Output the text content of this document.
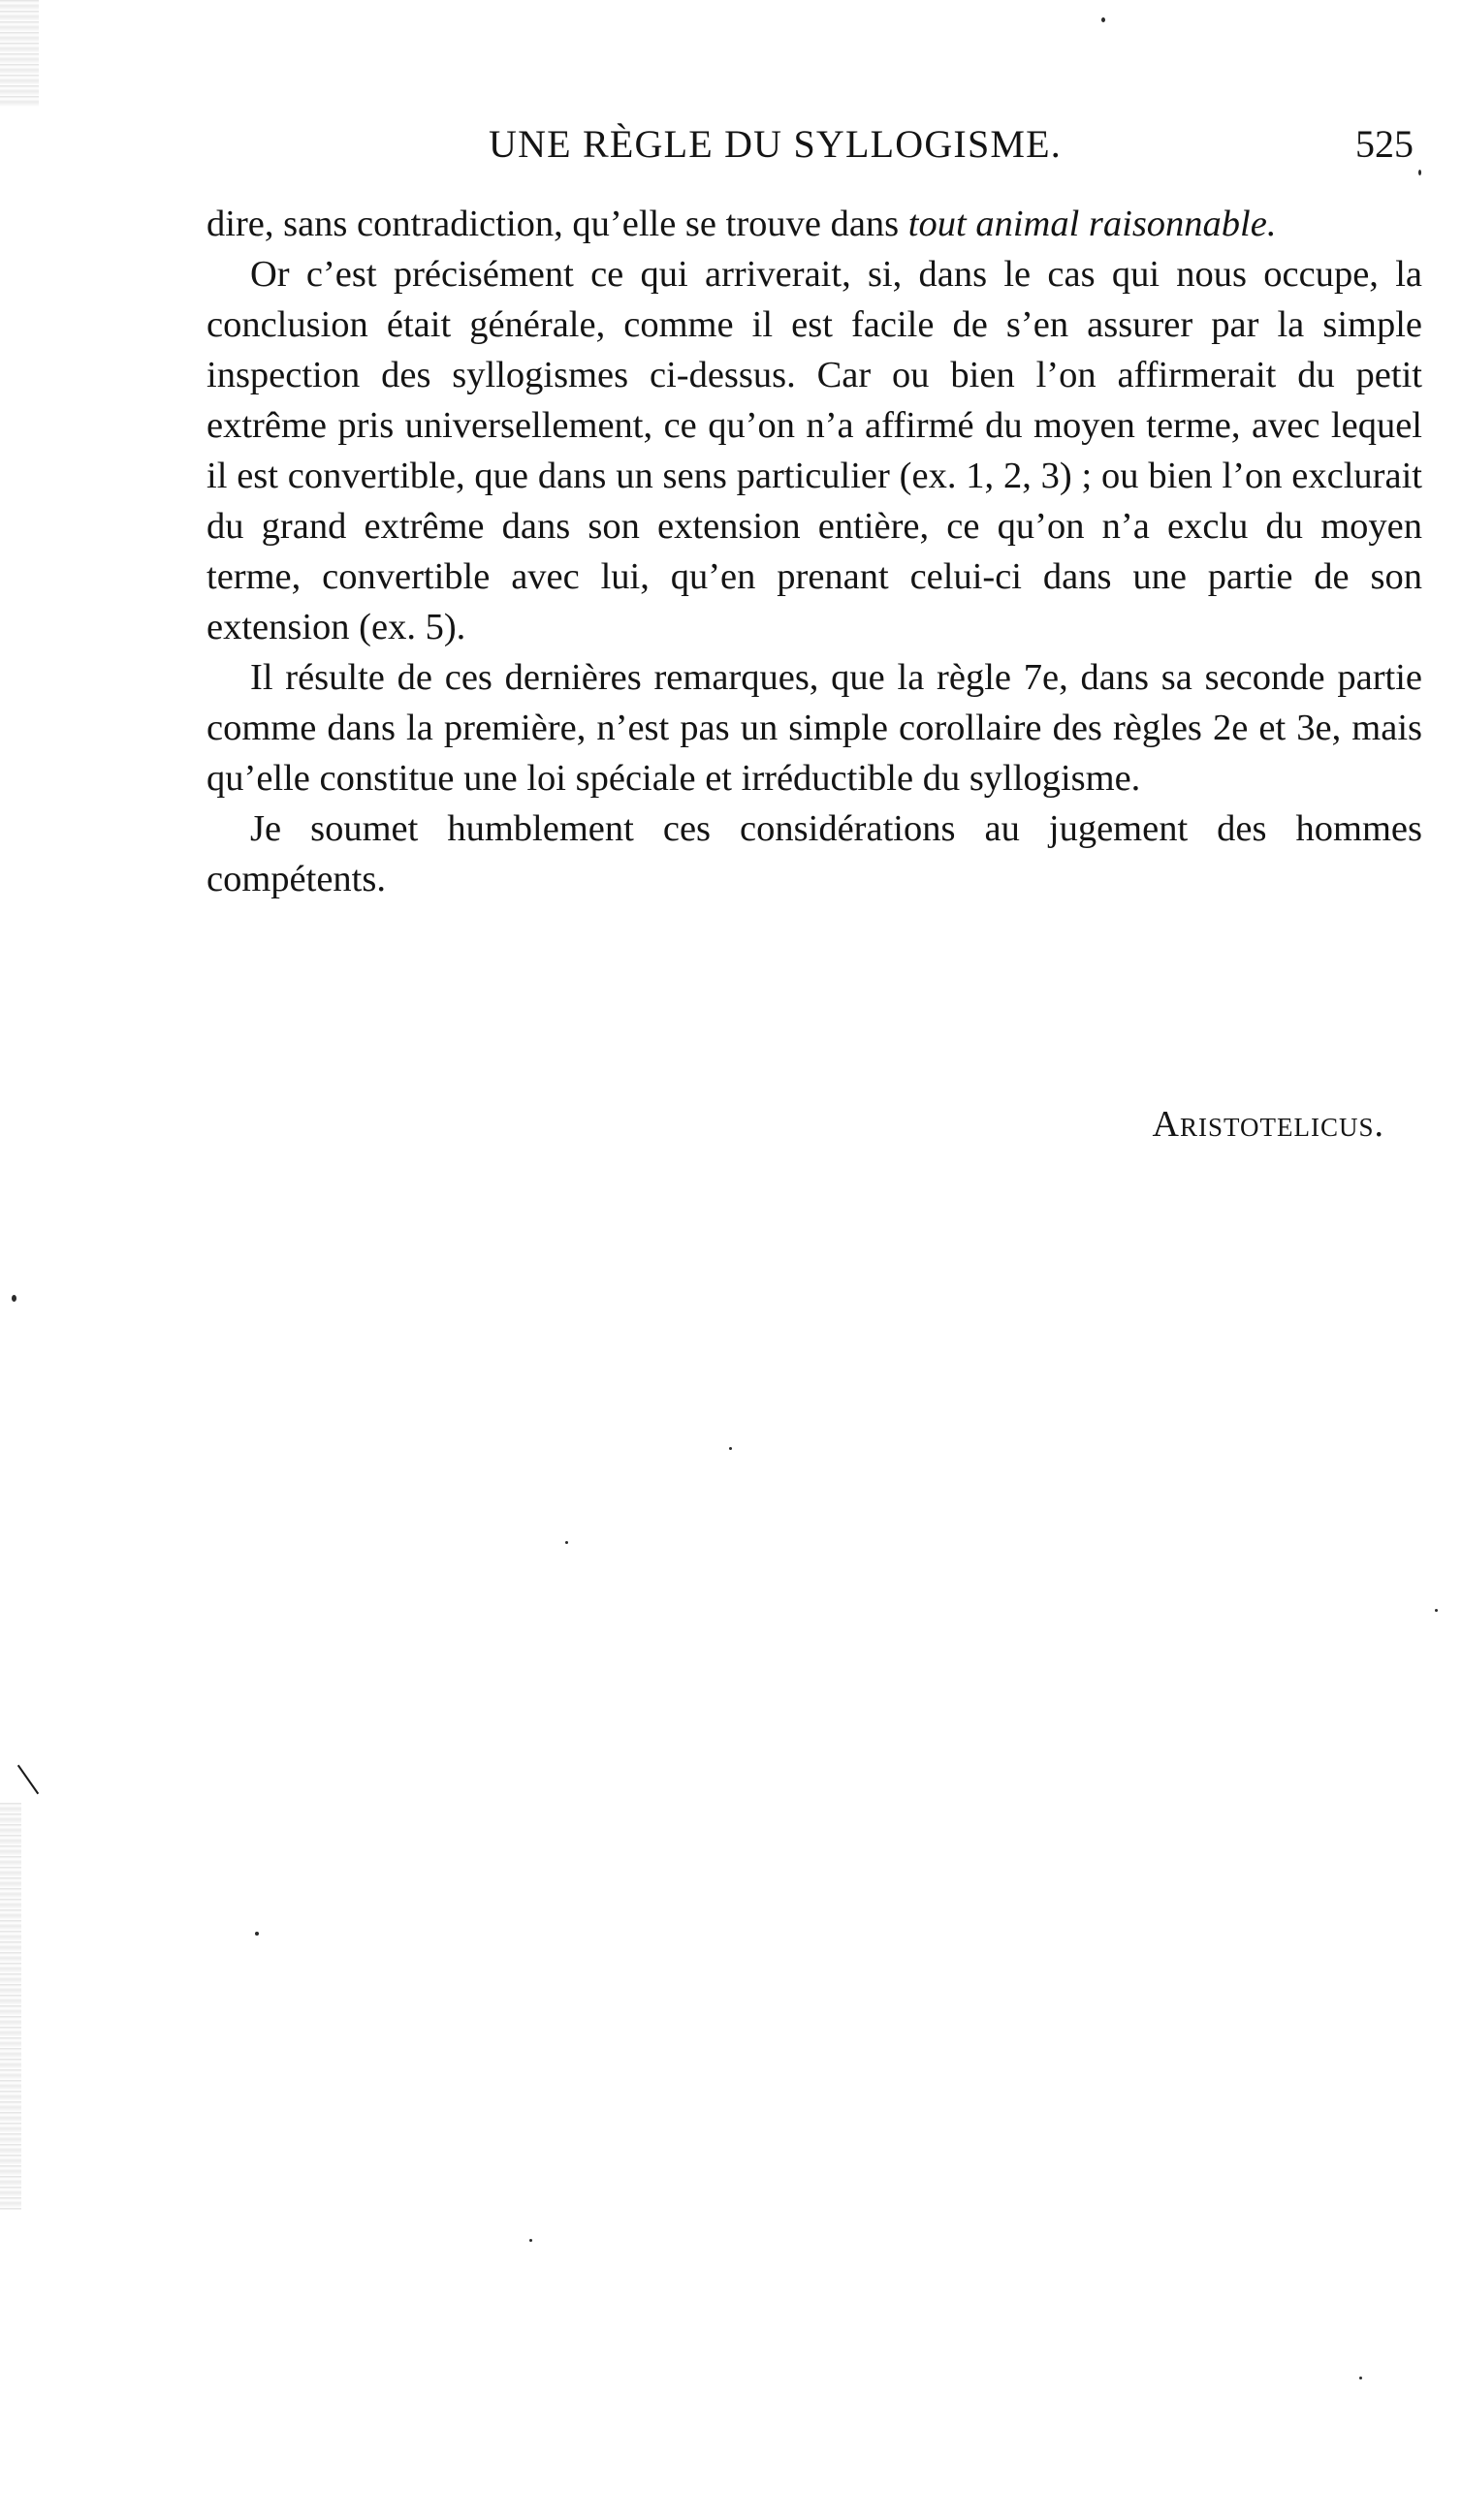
UNE RÈGLE DU SYLLOGISME.	525

dire, sans contradiction, qu’elle se trouve dans tout animal raisonnable.

Or c’est précisément ce qui arriverait, si, dans le cas qui nous occupe, la conclusion était générale, comme il est facile de s’en assurer par la simple inspection des syllogismes ci-dessus. Car ou bien l’on affirmerait du petit extrême pris universellement, ce qu’on n’a affirmé du moyen terme, avec lequel il est convertible, que dans un sens particulier (ex. 1, 2, 3) ; ou bien l’on exclurait du grand extrême dans son extension entière, ce qu’on n’a exclu du moyen terme, convertible avec lui, qu’en prenant celui-ci dans une partie de son extension (ex. 5).

Il résulte de ces dernières remarques, que la règle 7e, dans sa seconde partie comme dans la première, n’est pas un simple corollaire des règles 2e et 3e, mais qu’elle constitue une loi spéciale et irréductible du syllogisme.

Je soumet humblement ces considérations au jugement des hommes compétents.

Aristotelicus.
